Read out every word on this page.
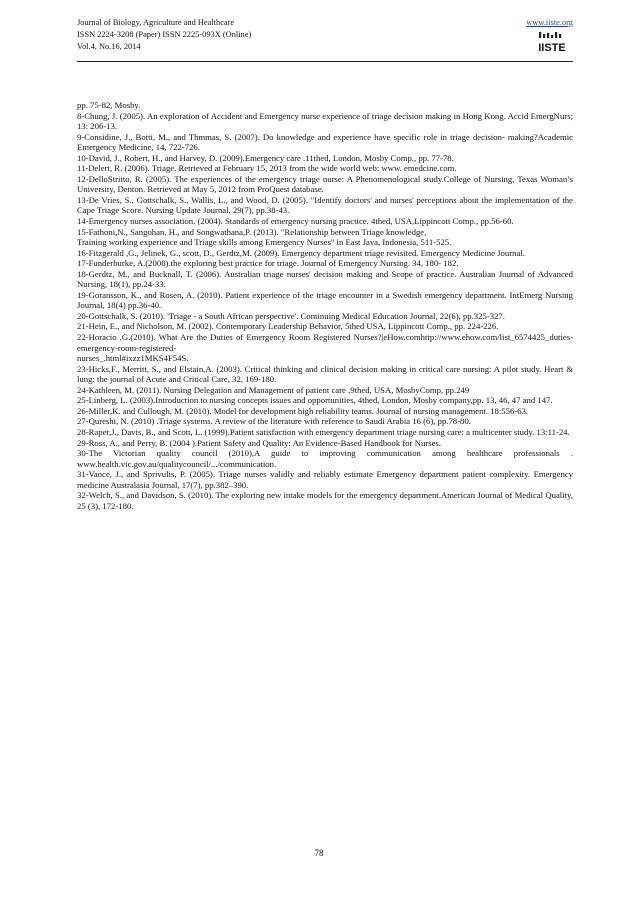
Journal of Biology, Agriculture and Healthcare
ISSN 2224-3208 (Paper) ISSN 2225-093X (Online)
Vol.4, No.16, 2014
www.iiste.org
IISTE

pp. 75-82, Mosby.

8-Chung, J. (2005). An exploration of Accident and Emergency nurse experience of triage decision making in Hong Kong. Accid EmergNurs; 13: 206-13.

9-Considine, J., Botti, M., and Thmmas, S. (2007). Do knowledge and experience have specific role in triage decision- making?Academic Emergency Medicine, 14, 722-726.

10-David, J., Robert, H., and Harvey, D. (2009).Emergency care .11thed, London, Mosby Comp., pp. 77-78.

11-Delert, R. (2006). Triage. Retrieved at February 15, 2013 from the wide world web: www. emedcine.com.

12-DelloStritto, R. (2005). The experiences of the emergency triage nurse: A Phenomenological study.College of Nursing, Texas Woman’s University, Denton. Retrieved at May 5, 2012 from ProQuest database.

13-De Vries, S., Gottschalk, S., Wallis, L., and Wood, D. (2005). "Identify doctors' and nurses' perceptions about the implementation of the Cape Triage Score. Nursing Update Journal, 29(7), pp.38-43.

14-Emergency nurses association. (2004). Standards of emergency nursing practice. 4thed, USA,Lippincott Comp., pp.56-60.

15-Fathoni,N., Sangohan, H., and Songwathana,P. (2013). "Relationship between Triage knowledge,
Training working experience and Triage skills among Emergency Nurses" in East Java, Indonesia, 511-525.

16-Fitzgerald ,G., Jelinek, G., scott, D., Gerdtz,M. (2009). Emergency department triage revisited. Emergency Medicine Journal.

17-Funderburke, A.(2008).the exploring best practice for triage. Journal of Emergency Nursing. 34, 180- 182.

18-Gerdtz, M., and Bucknall, T. (2006). Australian triage nurses' decision making and Scope of practice. Australian Journal of Advanced Nursing, 18(1), pp.24-33.

19-Goransson, K., and Rosen, A. (2010). Patient experience of the triage encounter in a Swedish emergency department. IntEmerg Nursing Journal, 18(4) pp.36-40.

20-Gottschalk, S. (2010). 'Triage - a South African perspective'. Continuing Medical Education Journal, 22(6), pp.325-327.

21-Hein, E., and Nicholson, M. (2002). Contemporary Leadership Behavior, 5thed USA, Lippincott Comp., pp. 224-226.

22-Horacio ,G.(2010). What Are the Duties of Emergency Room Registered Nurses?|eHow.comhttp://www.ehow.com/list_6574425_duties-emergency-room-registered-
nurses_.html#ixzz1MKS4F54S.

23-Hicks,F., Merritt, S., and Elstain,A. (2003). Critical thinking and clinical decision making in critical care nursing: A pilot study. Heart & lung: the journal of Acute and Critical Care, 32, 169-180.

24-Kathleen, M. (2011). Nursing Delegation and Management of patient care ,9thed, USA, MosbyComp, pp.249

25-Linberg, L. (2003).Introduction to nursing concepts issues and opportunities, 4thed, London, Mosby company,pp. 13, 46, 47 and 147.

26-Miller,K. and Cullough, M. (2010). Model for development high reliability teams. Journal of nursing management. 18:556-63.

27-Qureshi, N. (2010) .Triage systems. A review of the literature with reference to Saudi Arabia 16 (6), pp.78-80.

28-Raper,J., Davis, B., and Scott, L. (1999).Patient satisfaction with emergency department triage nursing care: a multicenter study. 13:11-24.

29-Ross, A., and Perry, B. (2004 ).Patient Safety and Quality: An Evidence-Based Handbook for Nurses.

30-The Victorian quality council (2010),A guide to improving communication among healthcare professionals . www.health.vic.gov.au/qualitycouncil/.../communication.

31-Vance, J., and Sprivulis, P. (2005). Triage nurses validly and reliably estimate Emergency department patient complexity. Emergency medicine Australasia Journal, 17(7), pp.382–390.

32-Welch, S., and Davidson, S. (2010). The exploring new intake models for the emergency department.American Journal of Medical Quality, 25 (3), 172-180.

78
